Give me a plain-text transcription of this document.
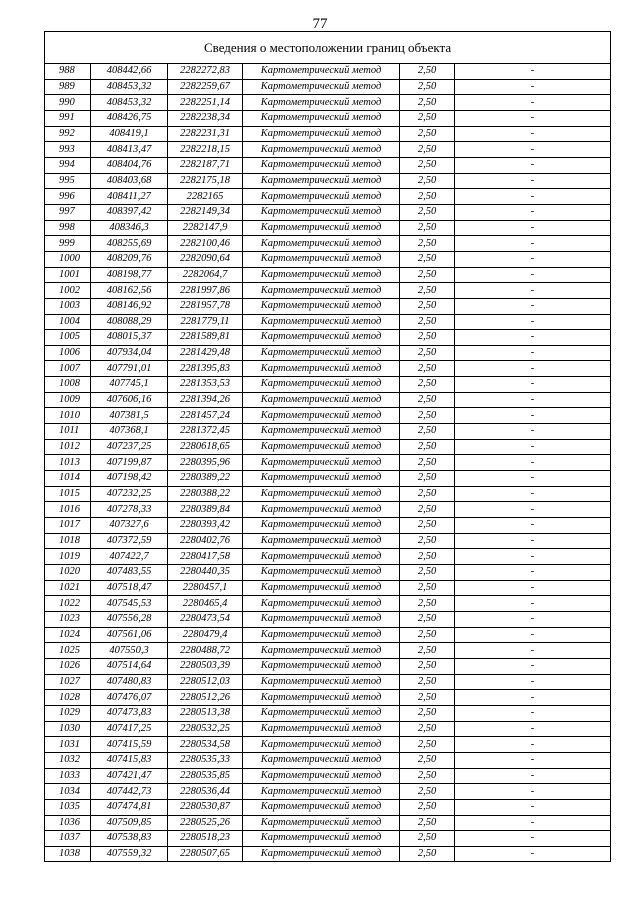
77
Сведения о местоположении границ объекта					
988	408442,66	2282272,83	Картометрический метод	2,50	-
989	408453,32	2282259,67	Картометрический метод	2,50	-
990	408453,32	2282251,14	Картометрический метод	2,50	-
991	408426,75	2282238,34	Картометрический метод	2,50	-
992	408419,1	2282231,31	Картометрический метод	2,50	-
993	408413,47	2282218,15	Картометрический метод	2,50	-
994	408404,76	2282187,71	Картометрический метод	2,50	-
995	408403,68	2282175,18	Картометрический метод	2,50	-
996	408411,27	2282165	Картометрический метод	2,50	-
997	408397,42	2282149,34	Картометрический метод	2,50	-
998	408346,3	2282147,9	Картометрический метод	2,50	-
999	408255,69	2282100,46	Картометрический метод	2,50	-
1000	408209,76	2282090,64	Картометрический метод	2,50	-
1001	408198,77	2282064,7	Картометрический метод	2,50	-
1002	408162,56	2281997,86	Картометрический метод	2,50	-
1003	408146,92	2281957,78	Картометрический метод	2,50	-
1004	408088,29	2281779,11	Картометрический метод	2,50	-
1005	408015,37	2281589,81	Картометрический метод	2,50	-
1006	407934,04	2281429,48	Картометрический метод	2,50	-
1007	407791,01	2281395,83	Картометрический метод	2,50	-
1008	407745,1	2281353,53	Картометрический метод	2,50	-
1009	407606,16	2281394,26	Картометрический метод	2,50	-
1010	407381,5	2281457,24	Картометрический метод	2,50	-
1011	407368,1	2281372,45	Картометрический метод	2,50	-
1012	407237,25	2280618,65	Картометрический метод	2,50	-
1013	407199,87	2280395,96	Картометрический метод	2,50	-
1014	407198,42	2280389,22	Картометрический метод	2,50	-
1015	407232,25	2280388,22	Картометрический метод	2,50	-
1016	407278,33	2280389,84	Картометрический метод	2,50	-
1017	407327,6	2280393,42	Картометрический метод	2,50	-
1018	407372,59	2280402,76	Картометрический метод	2,50	-
1019	407422,7	2280417,58	Картометрический метод	2,50	-
1020	407483,55	2280440,35	Картометрический метод	2,50	-
1021	407518,47	2280457,1	Картометрический метод	2,50	-
1022	407545,53	2280465,4	Картометрический метод	2,50	-
1023	407556,28	2280473,54	Картометрический метод	2,50	-
1024	407561,06	2280479,4	Картометрический метод	2,50	-
1025	407550,3	2280488,72	Картометрический метод	2,50	-
1026	407514,64	2280503,39	Картометрический метод	2,50	-
1027	407480,83	2280512,03	Картометрический метод	2,50	-
1028	407476,07	2280512,26	Картометрический метод	2,50	-
1029	407473,83	2280513,38	Картометрический метод	2,50	-
1030	407417,25	2280532,25	Картометрический метод	2,50	-
1031	407415,59	2280534,58	Картометрический метод	2,50	-
1032	407415,83	2280535,33	Картометрический метод	2,50	-
1033	407421,47	2280535,85	Картометрический метод	2,50	-
1034	407442,73	2280536,44	Картометрический метод	2,50	-
1035	407474,81	2280530,87	Картометрический метод	2,50	-
1036	407509,85	2280525,26	Картометрический метод	2,50	-
1037	407538,83	2280518,23	Картометрический метод	2,50	-
1038	407559,32	2280507,65	Картометрический метод	2,50	-
